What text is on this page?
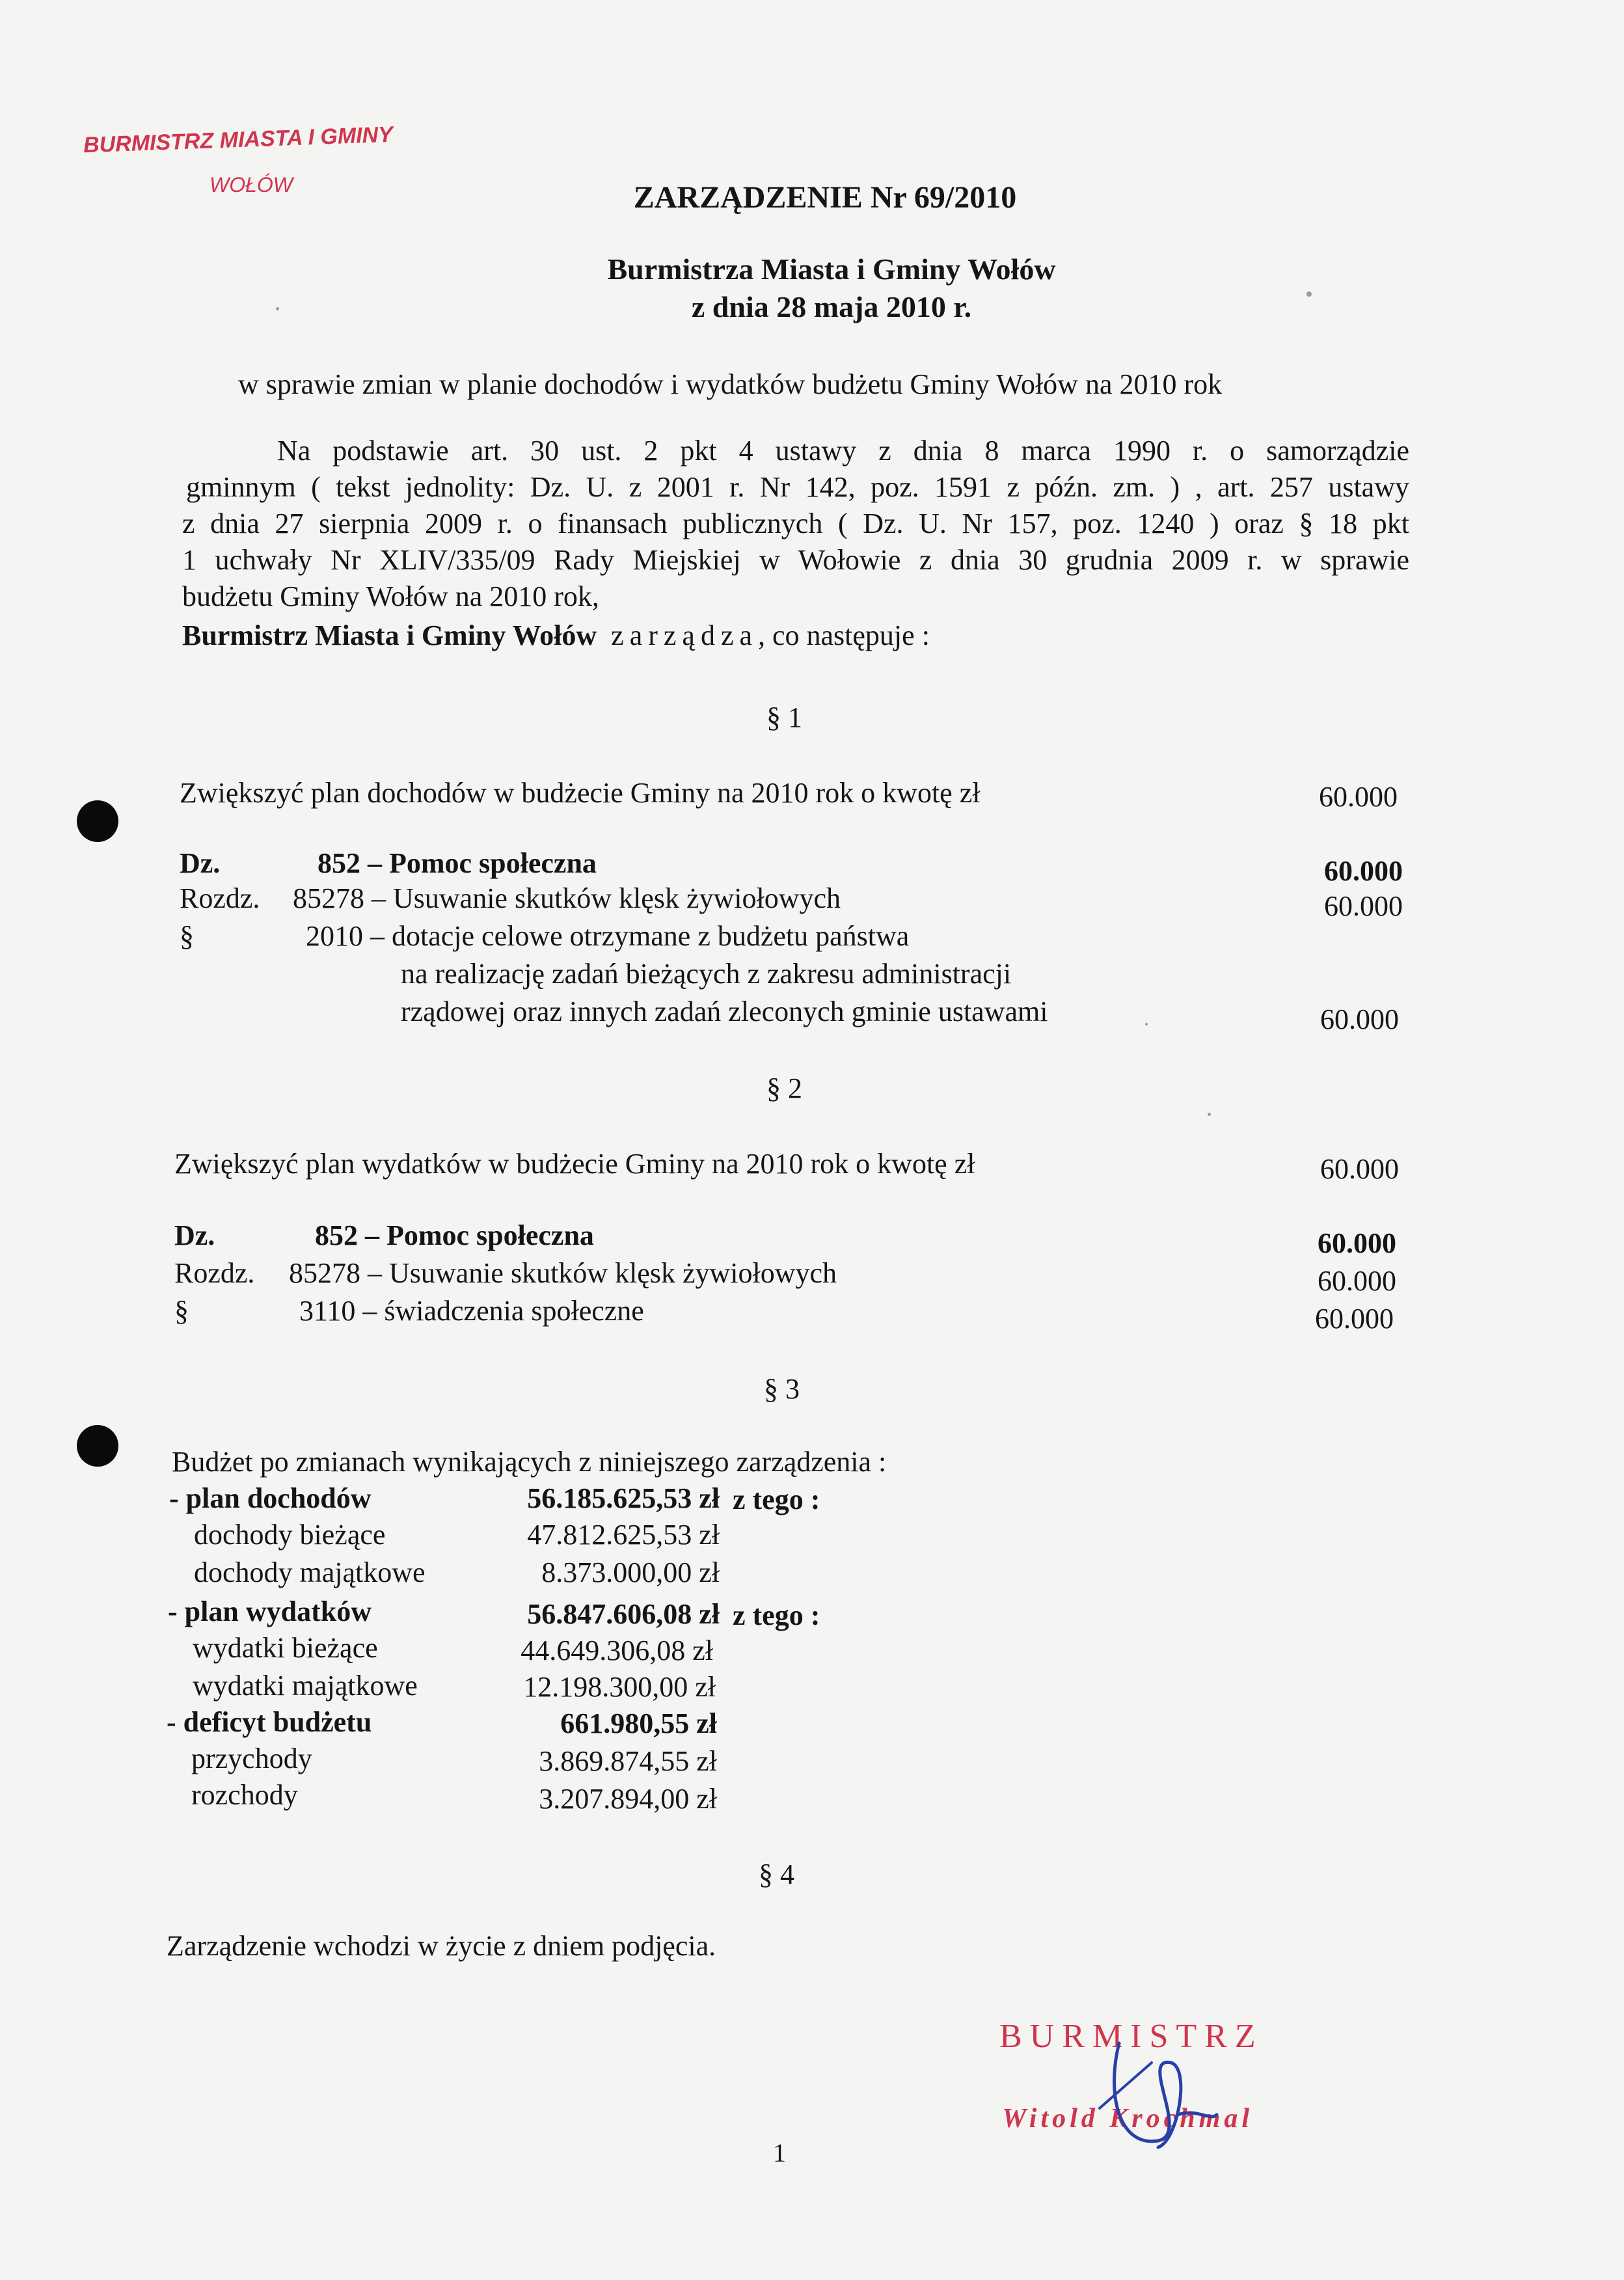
BURMISTRZ MIASTA I GMINY
WOŁÓW	ZARZĄDZENIE Nr 69/2010
Burmistrza Miasta i Gminy Wołów
z dnia 28 maja 2010 r.
w sprawie zmian w planie dochodów i wydatków budżetu Gminy Wołów na 2010 rok
Na podstawie art. 30 ust. 2 pkt 4 ustawy z dnia 8 marca 1990 r. o samorządzie
gminnym ( tekst jednolity: Dz. U. z 2001 r. Nr 142, poz. 1591 z późn. zm. ) , art. 257 ustawy
z dnia 27 sierpnia 2009 r. o finansach publicznych ( Dz. U. Nr 157, poz. 1240 ) oraz § 18 pkt
1 uchwały Nr XLIV/335/09 Rady Miejskiej w Wołowie z dnia 30 grudnia 2009 r. w sprawie
budżetu Gminy Wołów na 2010 rok,
Burmistrz Miasta i Gminy Wołów zarządza, co następuje :
§ 1
Zwiększyć plan dochodów w budżecie Gminy na 2010 rok o kwotę zł	60.000
Dz.	852 – Pomoc społeczna	60.000
Rozdz. 85278 – Usuwanie skutków klęsk żywiołowych	60.000
§	2010 – dotacje celowe otrzymane z budżetu państwa
na realizację zadań bieżących z zakresu administracji
rządowej oraz innych zadań zleconych gminie ustawami	60.000
§ 2
Zwiększyć plan wydatków w budżecie Gminy na 2010 rok o kwotę zł	60.000
Dz.	852 – Pomoc społeczna	60.000
Rozdz. 85278 – Usuwanie skutków klęsk żywiołowych	60.000
§	3110 – świadczenia społeczne	60.000
§ 3
Budżet po zmianach wynikających z niniejszego zarządzenia :
- plan dochodów	56.185.625,53 zł z tego :
dochody bieżące	47.812.625,53 zł
dochody majątkowe	8.373.000,00 zł
- plan wydatków	56.847.606,08 zł z tego :
wydatki bieżące	44.649.306,08 zł
wydatki majątkowe	12.198.300,00 zł
- deficyt budżetu	661.980,55 zł
przychody	3.869.874,55 zł
rozchody	3.207.894,00 zł
§ 4
Zarządzenie wchodzi w życie z dniem podjęcia.
BURMISTRZ
Witold Krochmal
1
